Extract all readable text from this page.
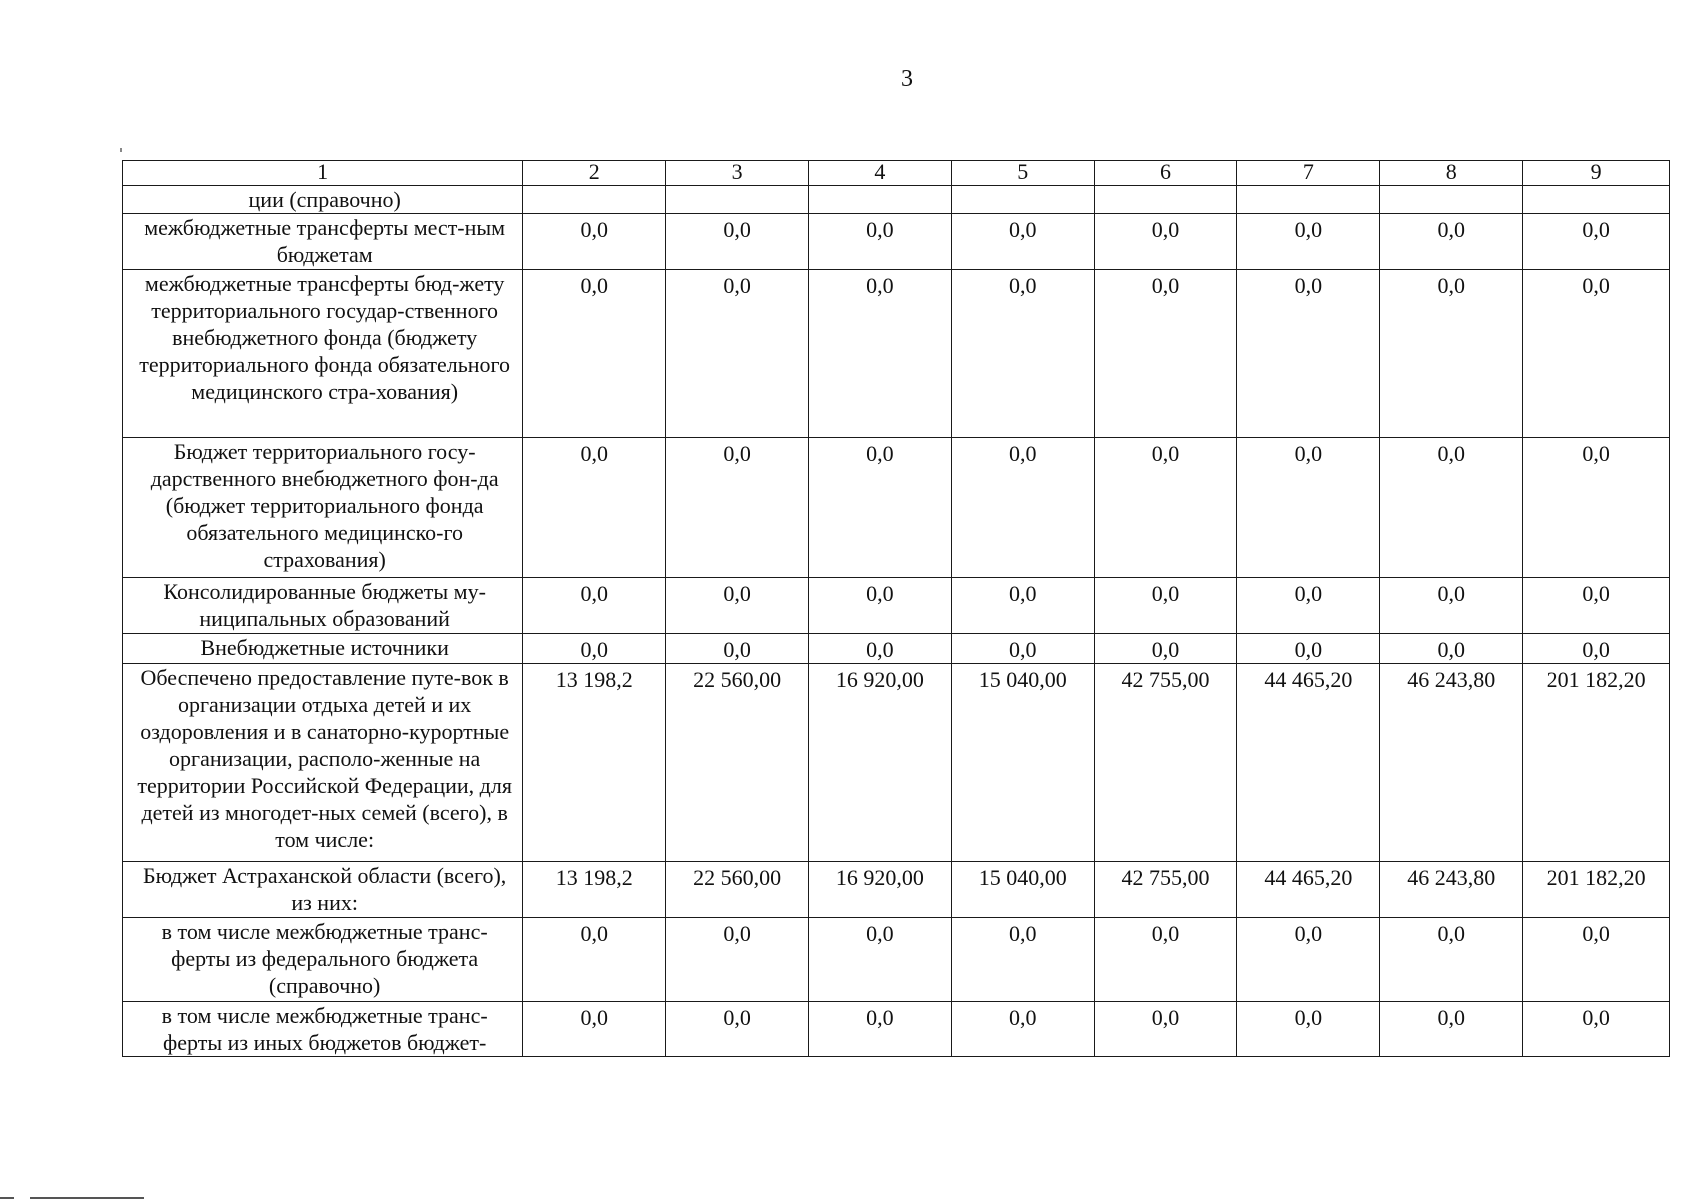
3
1	2	3	4	5	6	7	8	9
ции (справочно)								
межбюджетные трансферты мест-ным бюджетам	0,0	0,0	0,0	0,0	0,0	0,0	0,0	0,0
межбюджетные трансферты бюд-жету территориального государ-ственного внебюджетного фонда (бюджету территориального фонда обязательного медицинского стра-хования)	0,0	0,0	0,0	0,0	0,0	0,0	0,0	0,0
Бюджет территориального госу-дарственного внебюджетного фон-да (бюджет территориального фонда обязательного медицинско-го страхования)	0,0	0,0	0,0	0,0	0,0	0,0	0,0	0,0
Консолидированные бюджеты му-ниципальных образований	0,0	0,0	0,0	0,0	0,0	0,0	0,0	0,0
Внебюджетные источники	0,0	0,0	0,0	0,0	0,0	0,0	0,0	0,0
Обеспечено предоставление путе-вок в организации отдыха детей и их оздоровления и в санаторно-курортные организации, располо-женные на территории Российской Федерации, для детей из многодет-ных семей (всего), в том числе:	13 198,2	22 560,00	16 920,00	15 040,00	42 755,00	44 465,20	46 243,80	201 182,20
Бюджет Астраханской области (всего), из них:	13 198,2	22 560,00	16 920,00	15 040,00	42 755,00	44 465,20	46 243,80	201 182,20
в том числе межбюджетные транс-ферты из федерального бюджета (справочно)	0,0	0,0	0,0	0,0	0,0	0,0	0,0	0,0
в том числе межбюджетные транс-ферты из иных бюджетов бюджет-	0,0	0,0	0,0	0,0	0,0	0,0	0,0	0,0
